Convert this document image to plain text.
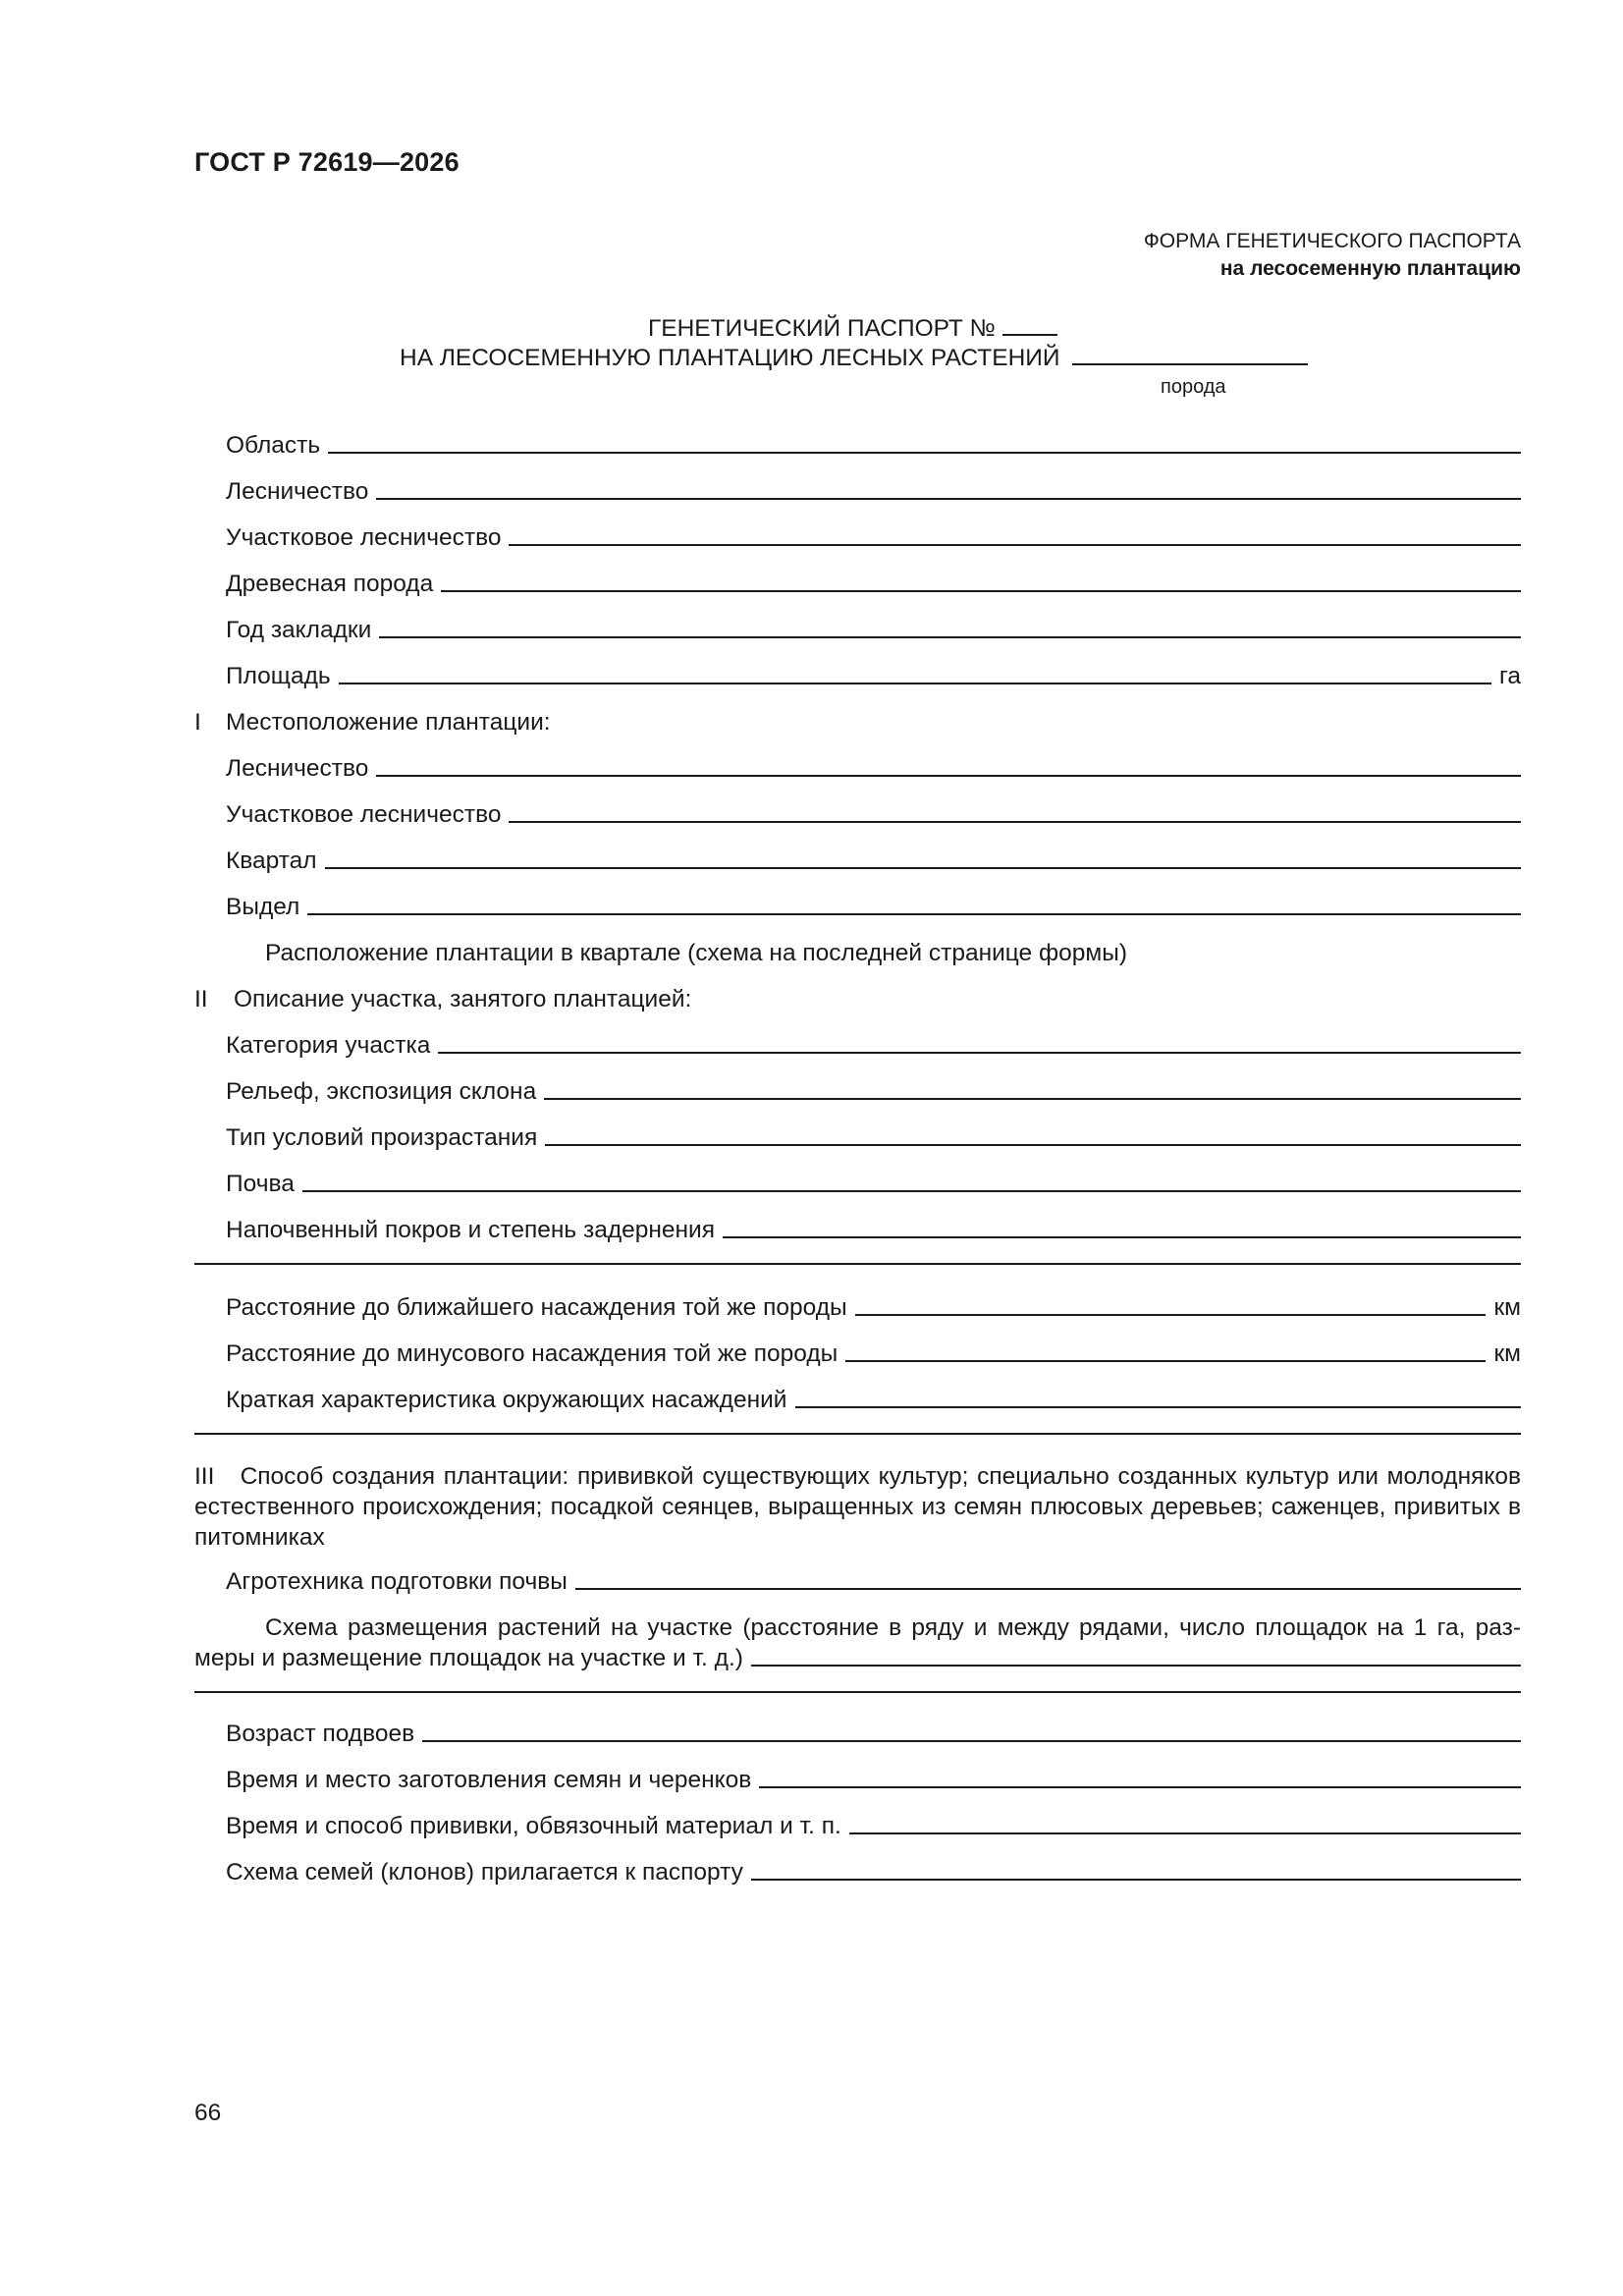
ГОСТ Р 72619—2026
ФОРМА ГЕНЕТИЧЕСКОГО ПАСПОРТА
на лесосеменную плантацию
ГЕНЕТИЧЕСКИЙ ПАСПОРТ №
НА ЛЕСОСЕМЕННУЮ ПЛАНТАЦИЮ ЛЕСНЫХ РАСТЕНИЙ
порода
Область
Лесничество
Участковое лесничество
Древесная порода
Год закладки
Площадь	га
I Местоположение плантации:
Лесничество
Участковое лесничество
Квартал
Выдел
Расположение плантации в квартале (схема на последней странице формы)
II Описание участка, занятого плантацией:
Категория участка
Рельеф, экспозиция склона
Тип условий произрастания
Почва
Напочвенный покров и степень задернения
Расстояние до ближайшего насаждения той же породы	км
Расстояние до минусового насаждения той же породы	км
Краткая характеристика окружающих насаждений
III Способ создания плантации: прививкой существующих культур; специально созданных культур или молодняков естественного происхождения; посадкой сеянцев, выращенных из семян плюсовых деревьев; саженцев, привитых в питомниках
Агротехника подготовки почвы
Схема размещения растений на участке (расстояние в ряду и между рядами, число площадок на 1 га, раз-
меры и размещение площадок на участке и т. д.)
Возраст подвоев
Время и место заготовления семян и черенков
Время и способ прививки, обвязочный материал и т. п.
Схема семей (клонов) прилагается к паспорту
66
